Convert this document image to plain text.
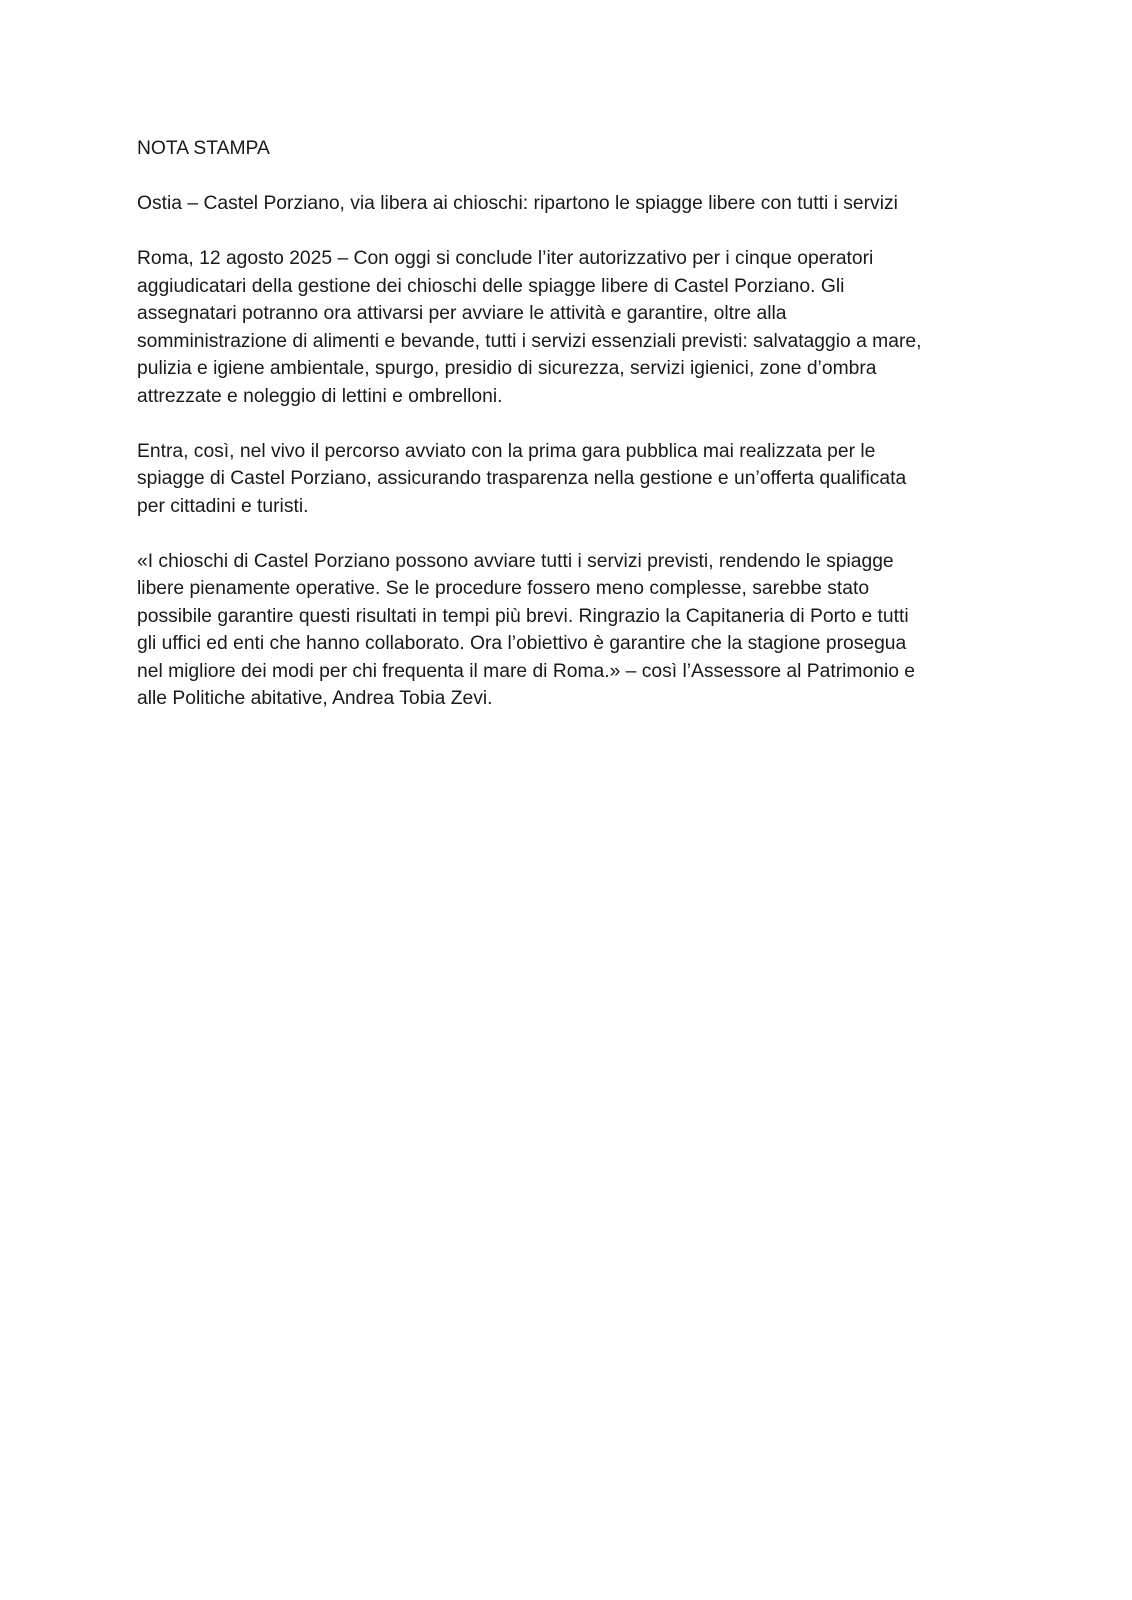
NOTA STAMPA
Ostia – Castel Porziano, via libera ai chioschi: ripartono le spiagge libere con tutti i servizi
Roma, 12 agosto 2025 – Con oggi si conclude l’iter autorizzativo per i cinque operatori
aggiudicatari della gestione dei chioschi delle spiagge libere di Castel Porziano. Gli
assegnatari potranno ora attivarsi per avviare le attività e garantire, oltre alla
somministrazione di alimenti e bevande, tutti i servizi essenziali previsti: salvataggio a mare,
pulizia e igiene ambientale, spurgo, presidio di sicurezza, servizi igienici, zone d’ombra
attrezzate e noleggio di lettini e ombrelloni.
Entra, così, nel vivo il percorso avviato con la prima gara pubblica mai realizzata per le
spiagge di Castel Porziano, assicurando trasparenza nella gestione e un’offerta qualificata
per cittadini e turisti.
«I chioschi di Castel Porziano possono avviare tutti i servizi previsti, rendendo le spiagge
libere pienamente operative. Se le procedure fossero meno complesse, sarebbe stato
possibile garantire questi risultati in tempi più brevi. Ringrazio la Capitaneria di Porto e tutti
gli uffici ed enti che hanno collaborato. Ora l’obiettivo è garantire che la stagione prosegua
nel migliore dei modi per chi frequenta il mare di Roma.» – così l’Assessore al Patrimonio e
alle Politiche abitative, Andrea Tobia Zevi.
